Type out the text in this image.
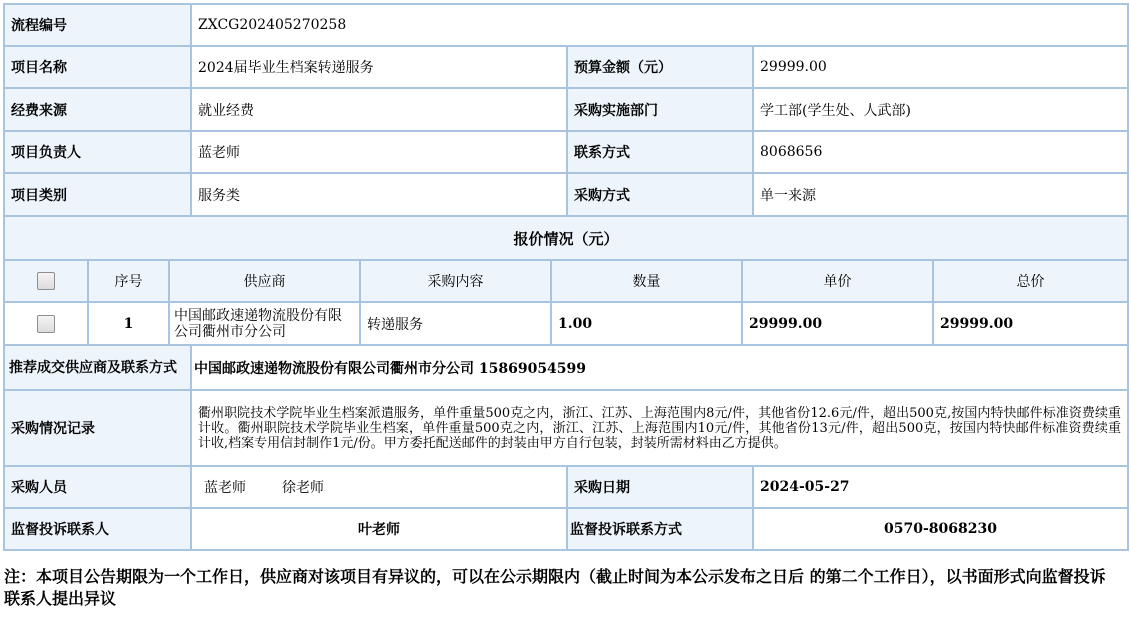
流程编号	ZXCG202405270258		
项目名称	2024届毕业生档案转递服务	预算金额（元）	29999.00
经费来源	就业经费	采购实施部门	学工部(学生处、人武部)
项目负责人	蓝老师	联系方式	8068656
项目类别	服务类	采购方式	单一来源
报价情况（元）			
	序号	供应商	采购内容	数量	单价	总价
	1	中国邮政速递物流股份有限公司衢州市分公司	转递服务	1.00	29999.00	29999.00
推荐成交供应商及联系方式	中国邮政速递物流股份有限公司衢州市分公司 15869054599		
采购情况记录	衢州职院技术学院毕业生档案派遣服务，单件重量500克之内，浙江、江苏、上海范围内8元/件，其他省份12.6元/件，超出500克,按国内特快邮件标准资费续重计收。衢州职院技术学院毕业生档案，单件重量500克之内，浙江、江苏、上海范围内10元/件，其他省份13元/件，超出500克，按国内特快邮件标准资费续重计收,档案专用信封制作1元/份。甲方委托配送邮件的封装由甲方自行包装，封装所需材料由乙方提供。		
采购人员	蓝老师 徐老师	采购日期	2024-05-27
监督投诉联系人	叶老师	监督投诉联系方式	0570-8068230
注：本项目公告期限为一个工作日，供应商对该项目有异议的，可以在公示期限内（截止时间为本公示发布之日后 的第二个工作日），以书面形式向监督投诉联系人提出异议
